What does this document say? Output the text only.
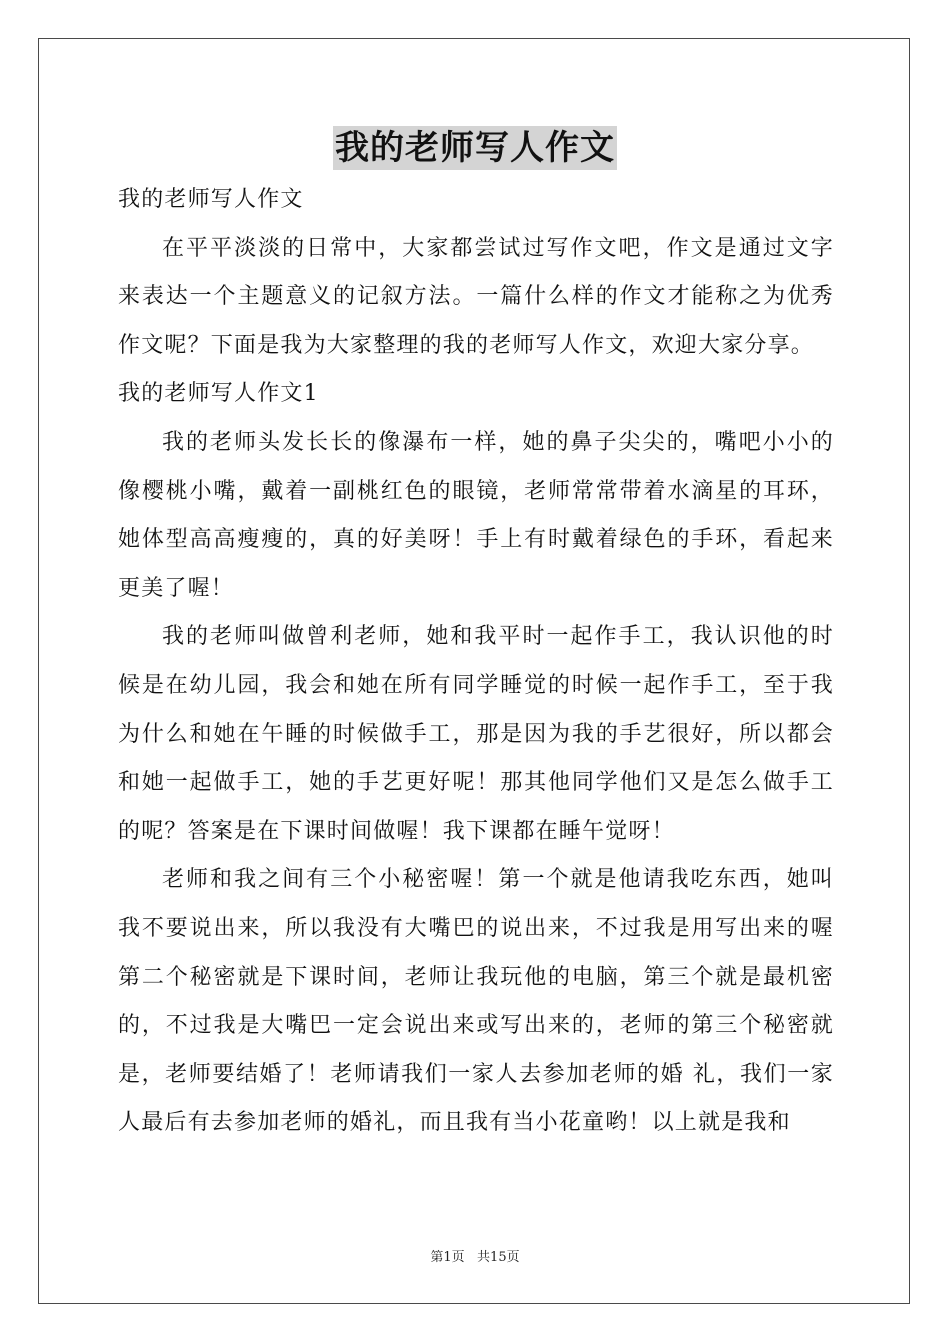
我的老师写人作文

我的老师写人作文

在平平淡淡的日常中，大家都尝试过写作文吧，作文是通过文字来表达一个主题意义的记叙方法。一篇什么样的作文才能称之为优秀作文呢？下面是我为大家整理的我的老师写人作文，欢迎大家分享。

我的老师写人作文1

我的老师头发长长的像瀑布一样，她的鼻子尖尖的，嘴吧小小的像樱桃小嘴，戴着一副桃红色的眼镜，老师常常带着水滴星的耳环，她体型高高瘦瘦的，真的好美呀！手上有时戴着绿色的手环，看起来更美了喔！

我的老师叫做曾利老师，她和我平时一起作手工，我认识他的时候是在幼儿园，我会和她在所有同学睡觉的时候一起作手工，至于我为什么和她在午睡的时候做手工，那是因为我的手艺很好，所以都会和她一起做手工，她的手艺更好呢！那其他同学他们又是怎么做手工的呢？答案是在下课时间做喔！我下课都在睡午觉呀！

老师和我之间有三个小秘密喔！第一个就是他请我吃东西，她叫我不要说出来，所以我没有大嘴巴的说出来，不过我是用写出来的喔第二个秘密就是下课时间，老师让我玩他的电脑，第三个就是最机密的，不过我是大嘴巴一定会说出来或写出来的，老师的第三个秘密就是，老师要结婚了！老师请我们一家人去参加老师的婚 礼，我们一家人最后有去参加老师的婚礼，而且我有当小花童哟！以上就是我和

第1页   共15页
